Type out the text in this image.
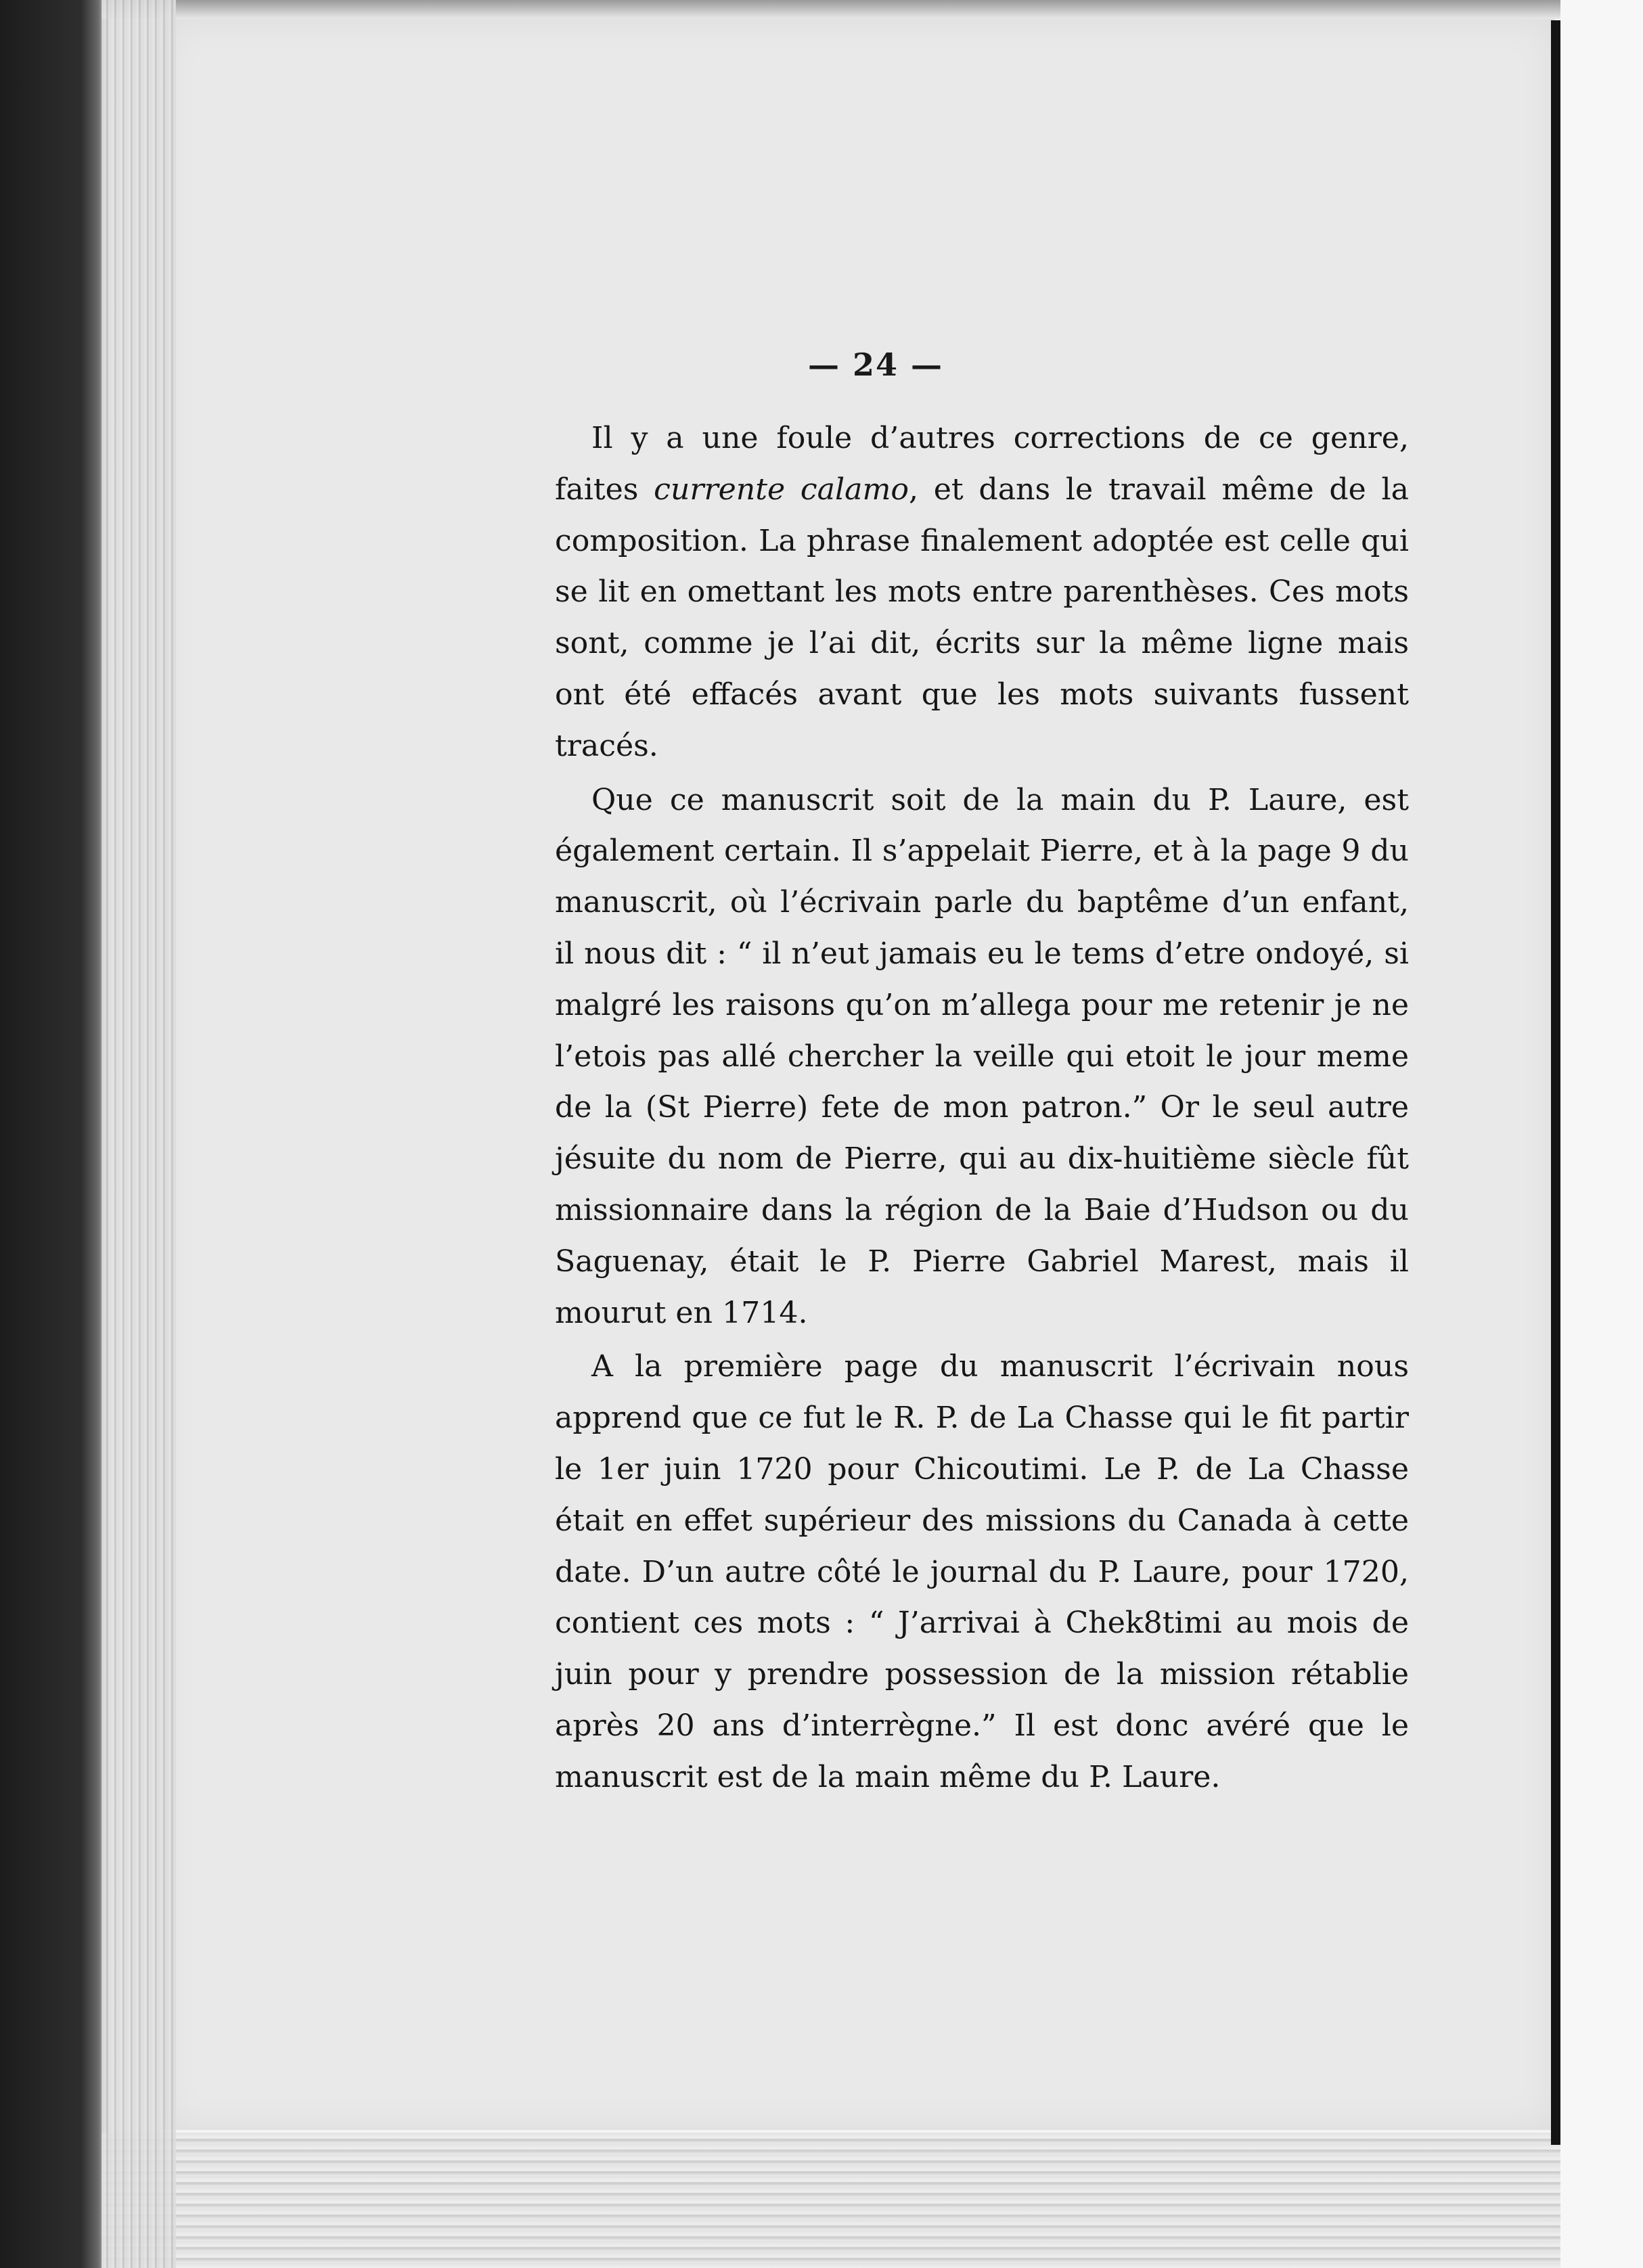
— 24 —

Il y a une foule d’autres corrections de ce genre, faites currente calamo, et dans le travail même de la composition. La phrase finalement adoptée est celle qui se lit en omettant les mots entre parenthèses. Ces mots sont, comme je l’ai dit, écrits sur la même ligne mais ont été effacés avant que les mots suivants fussent tracés.

Que ce manuscrit soit de la main du P. Laure, est également certain. Il s’appelait Pierre, et à la page 9 du manuscrit, où l’écrivain parle du baptême d’un enfant, il nous dit : “ il n’eut jamais eu le tems d’etre ondoyé, si malgré les raisons qu’on m’allega pour me retenir je ne l’etois pas allé chercher la veille qui etoit le jour meme de la (St Pierre) fete de mon patron.” Or le seul autre jésuite du nom de Pierre, qui au dix-huitième siècle fût missionnaire dans la région de la Baie d’Hudson ou du Saguenay, était le P. Pierre Gabriel Marest, mais il mourut en 1714.

A la première page du manuscrit l’écrivain nous apprend que ce fut le R. P. de La Chasse qui le fit partir le 1er juin 1720 pour Chicoutimi. Le P. de La Chasse était en effet supérieur des missions du Canada à cette date. D’un autre côté le journal du P. Laure, pour 1720, contient ces mots : “ J’arrivai à Chek8timi au mois de juin pour y prendre possession de la mission rétablie après 20 ans d’interrègne.” Il est donc avéré que le manuscrit est de la main même du P. Laure.
